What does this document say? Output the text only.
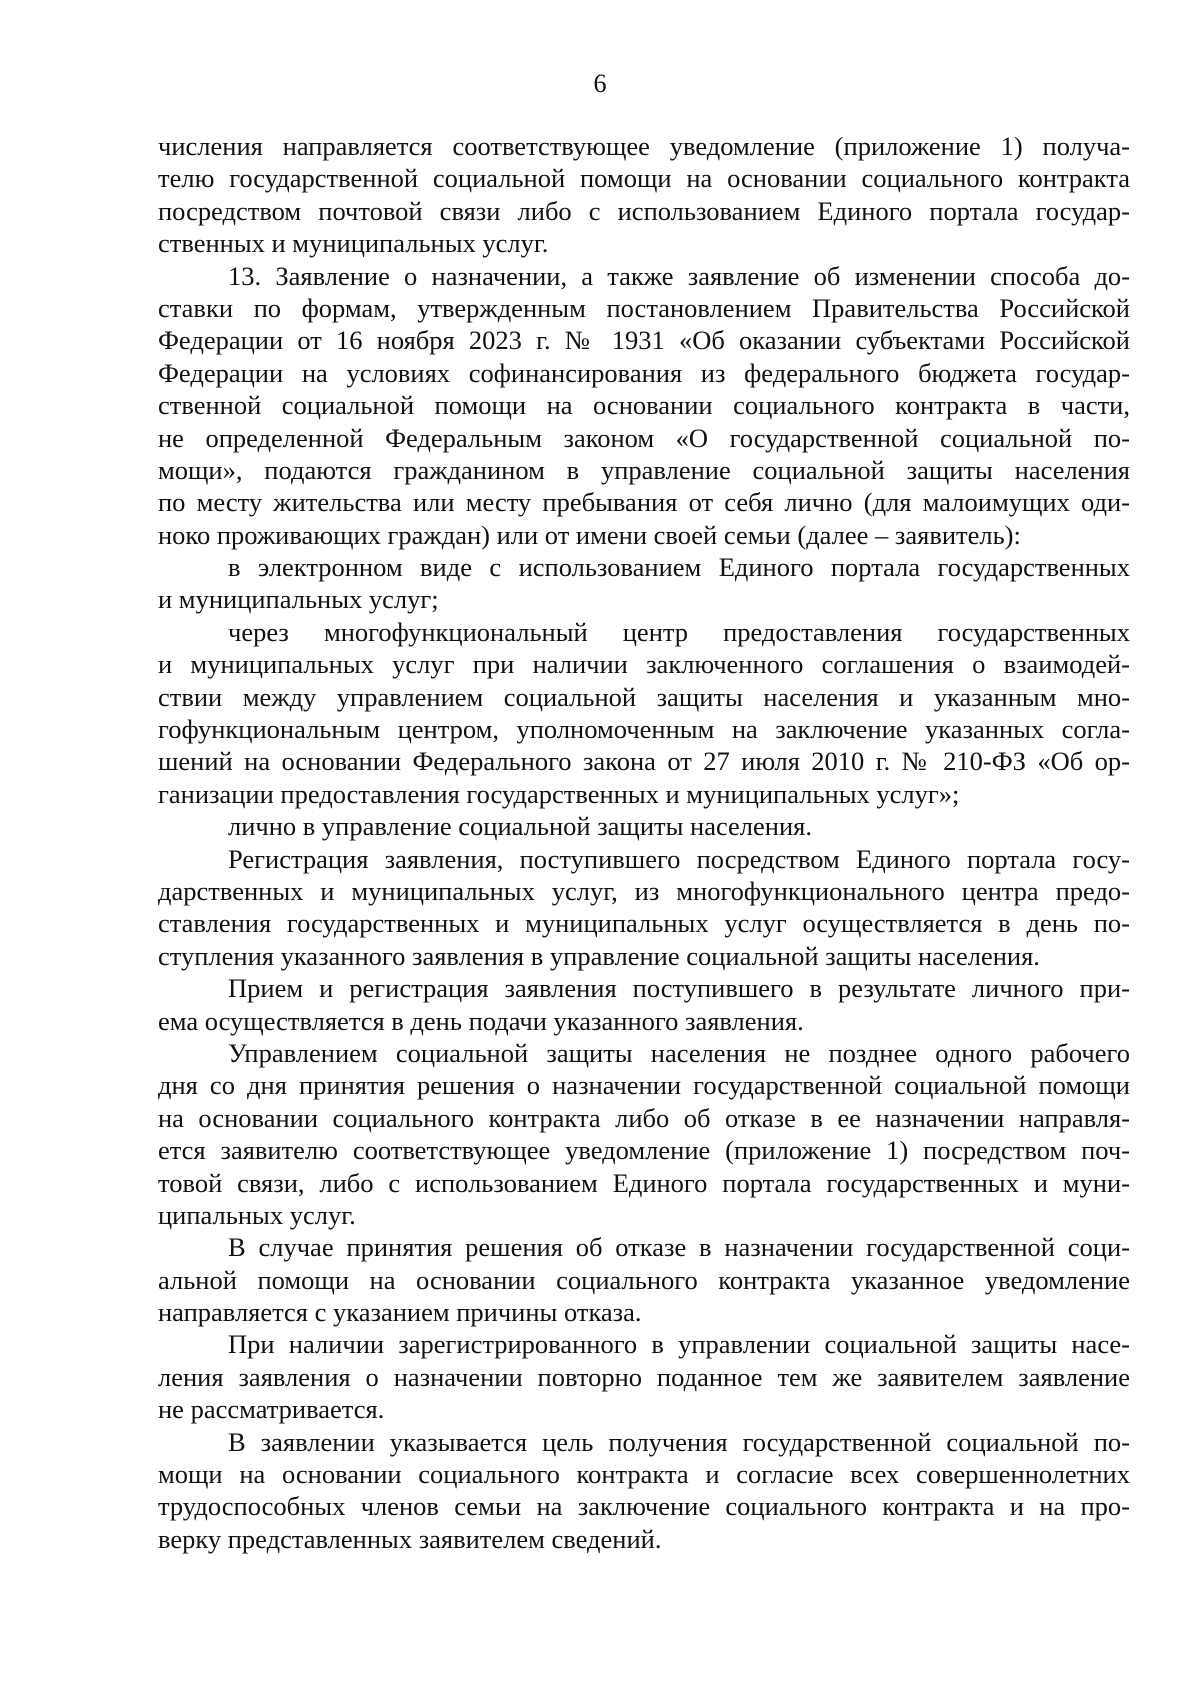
6
числения направляется соответствующее уведомление (приложение 1) получа-
телю государственной социальной помощи на основании социального контракта
посредством почтовой связи либо с использованием Единого портала государ-
ственных и муниципальных услуг.
13. Заявление о назначении, а также заявление об изменении способа до-
ставки по формам, утвержденным постановлением Правительства Российской
Федерации от 16 ноября 2023 г. № 1931 «Об оказании субъектами Российской
Федерации на условиях софинансирования из федерального бюджета государ-
ственной социальной помощи на основании социального контракта в части,
не определенной Федеральным законом «О государственной социальной по-
мощи», подаются гражданином в управление социальной защиты населения
по месту жительства или месту пребывания от себя лично (для малоимущих оди-
ноко проживающих граждан) или от имени своей семьи (далее – заявитель):
в электронном виде с использованием Единого портала государственных
и муниципальных услуг;
через многофункциональный центр предоставления государственных
и муниципальных услуг при наличии заключенного соглашения о взаимодей-
ствии между управлением социальной защиты населения и указанным мно-
гофункциональным центром, уполномоченным на заключение указанных согла-
шений на основании Федерального закона от 27 июля 2010 г. № 210-ФЗ «Об ор-
ганизации предоставления государственных и муниципальных услуг»;
лично в управление социальной защиты населения.
Регистрация заявления, поступившего посредством Единого портала госу-
дарственных и муниципальных услуг, из многофункционального центра предо-
ставления государственных и муниципальных услуг осуществляется в день по-
ступления указанного заявления в управление социальной защиты населения.
Прием и регистрация заявления поступившего в результате личного при-
ема осуществляется в день подачи указанного заявления.
Управлением социальной защиты населения не позднее одного рабочего
дня со дня принятия решения о назначении государственной социальной помощи
на основании социального контракта либо об отказе в ее назначении направля-
ется заявителю соответствующее уведомление (приложение 1) посредством поч-
товой связи, либо с использованием Единого портала государственных и муни-
ципальных услуг.
В случае принятия решения об отказе в назначении государственной соци-
альной помощи на основании социального контракта указанное уведомление
направляется с указанием причины отказа.
При наличии зарегистрированного в управлении социальной защиты насе-
ления заявления о назначении повторно поданное тем же заявителем заявление
не рассматривается.
В заявлении указывается цель получения государственной социальной по-
мощи на основании социального контракта и согласие всех совершеннолетних
трудоспособных членов семьи на заключение социального контракта и на про-
верку представленных заявителем сведений.
